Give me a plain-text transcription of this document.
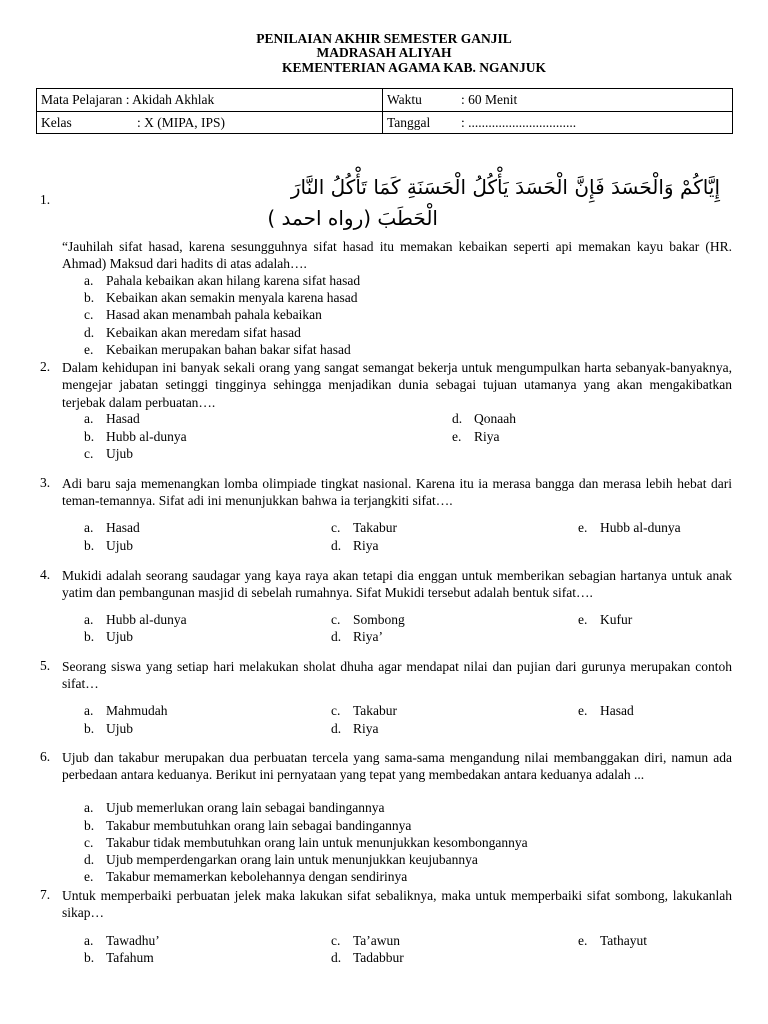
PENILAIAN AKHIR SEMESTER GANJIL
MADRASAH ALIYAH
KEMENTERIAN AGAMA KAB. NGANJUK
Mata Pelajaran : Akidah Akhlak	Waktu : 60 Menit

Kelas : X (MIPA, IPS)	Tanggal : ................................
1.
إِيَّاكُمْ وَالْحَسَدَ فَإِنَّ الْحَسَدَ يَأْكُلُ الْحَسَنَةِ كَمَا تَأْكُلُ النَّارَ
الْحَطَبَ (رواه احمد )
“Jauhilah sifat hasad, karena sesungguhnya sifat hasad itu memakan kebaikan seperti api memakan kayu bakar (HR. Ahmad) Maksud dari hadits di atas adalah….
a. Pahala kebaikan akan hilang karena sifat hasad
b. Kebaikan akan semakin menyala karena hasad
c. Hasad akan menambah pahala kebaikan
d. Kebaikan akan meredam sifat hasad
e. Kebaikan merupakan bahan bakar sifat hasad
2. Dalam kehidupan ini banyak sekali orang yang sangat semangat bekerja untuk mengumpulkan harta sebanyak-banyaknya, mengejar jabatan setinggi tingginya sehingga menjadikan dunia sebagai tujuan utamanya yang akan mengakibatkan terjebak dalam perbuatan….
a. Hasad
b. Hubb al-dunya
c. Ujub
d. Qonaah
e. Riya
3. Adi baru saja memenangkan lomba olimpiade tingkat nasional. Karena itu ia merasa bangga dan merasa lebih hebat dari teman-temannya. Sifat adi ini menunjukkan bahwa ia terjangkiti sifat….
a. Hasad
b. Ujub
c. Takabur
d. Riya
e. Hubb al-dunya
4. Mukidi adalah seorang saudagar yang kaya raya akan tetapi dia enggan untuk memberikan sebagian hartanya untuk anak yatim dan pembangunan masjid di sebelah rumahnya. Sifat Mukidi tersebut adalah bentuk sifat….
a. Hubb al-dunya
b. Ujub
c. Sombong
d. Riya’
e. Kufur
5. Seorang siswa yang setiap hari melakukan sholat dhuha agar mendapat nilai dan pujian dari gurunya merupakan contoh sifat…
a. Mahmudah
b. Ujub
c. Takabur
d. Riya
e. Hasad
6. Ujub dan takabur merupakan dua perbuatan tercela yang sama-sama mengandung nilai membanggakan diri, namun ada perbedaan antara keduanya. Berikut ini pernyataan yang tepat yang membedakan antara keduanya adalah ...
a. Ujub memerlukan orang lain sebagai bandingannya
b. Takabur membutuhkan orang lain sebagai bandingannya
c. Takabur tidak membutuhkan orang lain untuk menunjukkan kesombongannya
d. Ujub memperdengarkan orang lain untuk menunjukkan keujubannya
e. Takabur memamerkan kebolehannya dengan sendirinya
7. Untuk memperbaiki perbuatan jelek maka lakukan sifat sebaliknya, maka untuk memperbaiki sifat sombong, lakukanlah sikap…
a. Tawadhu’
b. Tafahum
c. Ta’awun
d. Tadabbur
e. Tathayut
